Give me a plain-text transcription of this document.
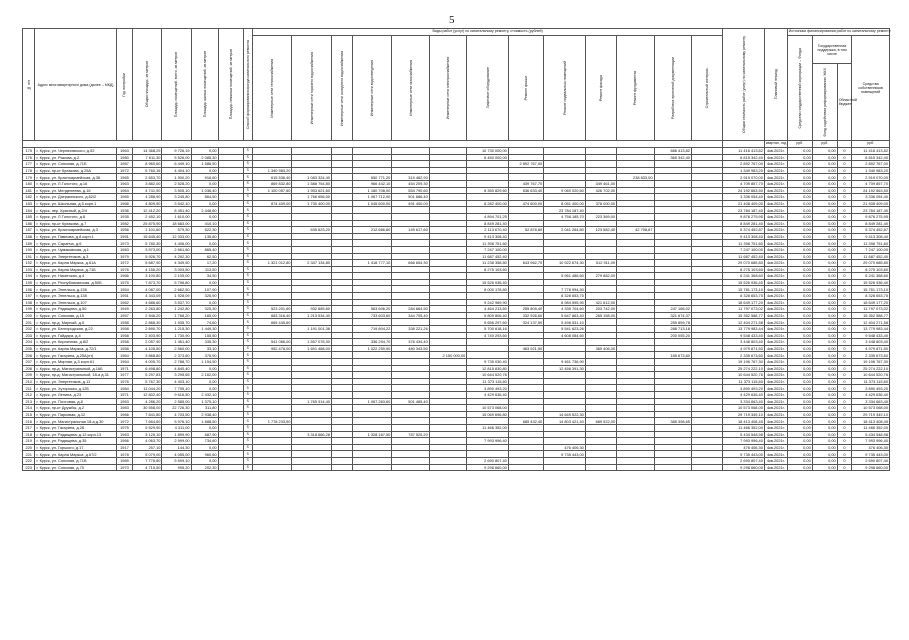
5
№ п/п	Адрес многоквартирного дома (далее – МКД)	Год постройки	Общая площадь, кв.метров	Площадь помещений, всего, кв.метров	Площадь жилых помещений, кв.метров	Площадь нежилых помещений, кв.метров	Способ формирования фонда капитального ремонта	Виды работ (услуг) по капитальному ремонту, стоимость (рублей)													Общая стоимость работ (услуг) по капитальному ремонту	Плановый период	Источники финансирования работ по капитальному ремонту			

								Инженерные сети теплоснабжения	Инженерные сети горячего водоснабжения	Инженерные сети холодного водоснабжения	Инженерные сети водоотведения	Инженерные сети газоснабжения	Инженерные сети электроснабжения	Лифтовое оборудование	Ремонт крыши	Ремонт подвальных помещений	Ремонт фасада	Ремонт фундамента	Разработка проектной документации	Строительный контроль			Средства государственной корпорации – Фонда	Государственная поддержка, в том числе		Средства собственников помещений

																								Фонд содействия реформированию ЖКХ	Областной бюджет	
																						квартал, год	руб.	руб.		руб.
175	г. Курск, ул. Черняховского, д.52	1963	14 368,29	9 726,19	0,00		S							10 730 000,00					686 413,82		11 416 413,82	4кв.2021г.	0,00	0,00	0	11 416 413,82
176	г. Курск, ул. Рыкова, д.2	1980	7 611,30	5 526,00	2 085,30		S							6 450 000,00					365 342,40		6 815 342,40	4кв.2021г.	0,00	0,00	0	6 815 342,40
177	г. Курск, ул. Союзная, д.71Б	1987	8 960,60	6 449,10	1 586,50		S								2 892 767,00						2 892 767,00	4кв.2021г.	0,00	0,00	0	2 892 767,00
178	г. Курск, пр-кт Кулакова, д.25А	1972	5 760,16	4 404,10	0,00		S	1 340 983,20													1 340 983,20	4кв.2021г.	0,00	0,00	0	1 340 983,20
179	г. Курск, ул. Красноармейская, д.38	1965	2 653,70	1 900,20	916,60		S	615 536,40	1 083 324,40		650 771,20	319 462,90						238 833,00			2 919 070,00	4кв.2021г.	0,00	0,00	0	2 919 070,00
180	г. Курск, ул. Л.Толстого, д.16	1963	3 882,00	2 528,20	0,00		S	869 832,80	1 588 754,80		966 442,10	454 209,30			439 767,70		349 461,00				4 709 857,70	4кв.2021г.	0,00	0,00	0	4 709 857,70
181	г. Курск, ул. Менделеева, д.16	1964	4 741,90	3 505,10	1 036,40		S	1 100 057,60	1 953 621,60		1 180 708,00	554 790,60		8 350 829,60	536 633,40	9 060 020,60	426 702,00				24 192 663,50	4кв.2021г.	0,00	0,00	0	24 192 663,50
182	г. Курск, ул. Дзержинского, д.62/2	1965	4 288,90	3 245,80	864,50		S		1 766 656,00		1 067 712,00	501 686,40									3 336 054,40	4кв.2021г.	0,00	0,00	0	3 336 054,40
183	г. Курск, ул. Школьная, д.5 корп.1	1966	4 809,90	3 542,10	0,00		S	874 409,00	1 730 400,00		1 045 600,00	491 400,00		8 282 400,00	474 600,00	8 051 400,00	378 000,00				21 408 409,00	4кв.2021г.	0,00	0,00	0	21 408 409,00
184	г. Курск, пер. Красный, д.2/4	1936	12 412,20	8 451,40	2 448,60		S									23 784 187,40					23 784 187,40	4кв.2021г.	0,00	0,00	0	23 784 187,40
185	г. Курск, ул. Л.Толстого, д.8	1935	2 452,10	1 610,00	0,00		S							4 894 701,25		4 758 185,70	223 369,00				9 876 275,95	4кв.2021г.	0,00	0,00	0	9 876 275,95
186	г. Курск, пр-кт Кулакова, д.7	1982	25 875,90	18 683,00	410,10		S							8 849 281,40							8 849 281,40	4кв.2021г.	0,00	0,00	0	8 849 281,40
187	г. Курск, ул. Красноармейская, д.3	1956	1 101,60	579,30	522,30		S		635 623,20		212 666,80	149 617,60		2 113 670,40	52 878,80	2 041 264,80	123 582,40	42 708,87			5 374 452,87	4кв.2021г.	0,00	0,00	0	5 374 452,87
188	г. Курск, ул. Павлова, д.8 корп.1	1991	15 645,40	12 333,00	135,80		S							9 413 308,40							9 413 308,40	4кв.2021г.	0,00	0,00	0	9 413 308,40
189	г. Курск, ул. Саранча, д.6	1973	5 780,30	4 406,00	0,00		S							11 398 751,60							11 398 751,60	4кв.2021г.	0,00	0,00	0	11 398 751,60
190	г. Курск, ул. Чумаковская, д.1	1983	3 573,00	2 661,60	865,40		S							7 247 100,00							7 247 100,00	4кв.2021г.	0,00	0,00	0	7 247 100,00
191	г. Курск, ул. Энергетиков, д.3	1979	5 926,70	4 292,30	62,50		S							11 687 452,40							11 687 452,40	4кв.2021г.	0,00	0,00	0	11 687 452,40
192	г. Курск, ул. Карла Маркса, д.61А	1972	5 687,90	4 349,50	17,20		S	1 321 012,80	2 347 134,80		1 418 777,10	666 654,30		11 238 358,80	643 962,70	10 922 674,30	512 911,09				29 070 685,80	4кв.2021г.	0,00	0,00	0	29 070 685,80
193	г. Курск, ул. Карла Маркса, д.71Б	1976	4 156,20	3 093,50	113,50		S							8 275 103,60							8 275 103,60	4кв.2021г.	0,00	0,00	0	8 275 103,60
194	г. Курск, ул. Никитская, д.4	1966	3 100,80	2 105,00	34,50		S									5 961 486,60	279 882,00				6 241 368,60	4кв.2021г.	0,00	0,00	0	6 241 368,60
195	г. Курск, ул. Республиканская, д.50Б	1975	7 873,70	5 796,80	0,00		S							15 526 936,40							15 526 936,40	4кв.2021г.	0,00	0,00	0	15 526 936,40
196	г. Курск, ул. Энгельса, д.136	1954	4 087,00	2 662,50	107,90		S							8 000 178,80		7 778 994,30					15 781 173,10	4кв.2021г.	0,00	0,00	0	15 781 173,10
197	г. Курск, ул. Энгельса, д.138	1951	4 343,09	1 928,09	326,90		S									8 328 653,75					8 328 653,75	4кв.2021г.	0,00	0,00	0	8 328 653,75
198	г. Курск, ул. Энгельса, д.107	1962	4 686,60	3 537,70	0,00		S							9 242 969,90		8 984 595,90	421 612,00				18 649 177,20	4кв.2021г.	0,00	0,00	0	18 649 177,20
199	г. Курск, ул. Радищева, д.50	1949	2 263,80	1 242,80	325,30		S	523 201,60	932 685,60		563 606,20	284 664,90		4 464 213,60	255 809,40	4 339 704,60	203 742,00		247 166,02		11 797 073,02	4кв.2021г.	0,00	0,00	0	11 797 073,02
200	г. Курск, ул. Союзная, д.15	1957	2 946,20	1 768,20	165,00		S	683 316,40	1 213 534,40		733 603,60	344 705,40		5 809 806,40	332 926,60	5 647 863,40	265 158,00		321 674,37		15 352 588,77	4кв.2021г.	0,00	0,00	0	15 352 588,77
201	г. Курск, пр-д. Мирный, д.5	1958	2 868,30	1 935,70	74,60		S	665 445,60						5 656 297,60	324 137,50	5 498 531,10			259 859,78		12 404 271,58	4кв.2021г.	0,00	0,00	0	12 404 271,58
202	г. Курск, ул. Белгородская, д.22	1958	2 890,70	1 215,30	1 449,30		S		1 191 001,36		719 804,22	338 221,26		5 700 618,16		5 541 623,26			288 713,18		13 779 983,44	4кв.2021г.	0,00	0,00	0	13 779 983,44
203	г. Курск, ул. Гайдара, д.4	1958	2 403,90	1 730,90	155,50		S							4 740 293,60		4 608 084,60			200 055,20		9 548 433,40	4кв.2021г.	0,00	0,00	0	9 548 433,40
204	г. Курск, ул. Кирпичная, д.8/2	1958	2 057,90	1 461,40	335,30		S	541 066,00	1 557 078,30		336 294,70	376 434,40									3 448 803,40	4кв.2021г.	0,00	0,00	0	3 448 803,40
205	г. Курск, ул. Карла Маркса, д.72/1	1958	4 105,50	2 560,00	33,10		S	952 476,00	1 691 468,00		1 022 259,50	480 343,50			463 921,50		369 406,00				4 979 871,50	4кв.2021г.	0,00	0,00	0	4 979 871,50
206	г. Курск, ул. Гагарина, д.25А(лт)	1964	3 868,80	2 373,60	376,90		S						2 150 000,00						185 673,60		2 335 673,60	4кв.2021г.	0,00	0,00	0	2 335 673,60
207	г. Курск, ул. Мирная, д.3 корп.61	1964	4 005,70	2 788,70	1 154,50		S							9 735 030,40		9 461 736,90					19 196 767,30	4кв.2021г.	0,00	0,00	0	19 196 767,30
208	г. Курск, пр-д. Магистральный, д.16Б	1971	6 498,80	4 840,40	0,00		S							12 815 830,80		12 458 391,30					25 274 222,10	4кв.2021г.	0,00	0,00	0	25 274 222,10
209	г. Курск, пр-д. Магистральный, 18-а д.31	1977	5 297,83	3 295,65	2 162,00		S							10 644 520,76							10 644 520,76	4кв.2021г.	0,00	0,00	0	10 644 520,76
210	г. Курск, ул. Энергетиков, д.11	1976	5 767,30	4 403,10	0,00		S							11 373 115,60							11 373 115,60	4кв.2021г.	0,00	0,00	0	11 373 115,60
211	г. Курск, ул. Хуторская, д.12Б	1984	11 044,20	7 795,10	0,00		S							3 890 493,20							3 890 493,20	4кв.2021г.	0,00	0,00	0	3 890 493,20
212	г. Курск, ул. Ленина, д.23	1971	12 802,40	9 616,50	2 432,10		S							4 429 636,40							4 429 636,40	4кв.2021г.	0,00	0,00	0	4 429 636,40
213	г. Курск, ул. Почтовая, д.8	1963	4 286,20	2 585,00	1 375,10		S		1 765 914,40		1 067 263,60	501 485,40									3 334 663,40	4кв.2021г.	0,00	0,00	0	3 334 663,40
214	г. Курск, пр-кт Дружбы, д.2	1983	30 558,00	22 726,30	311,80		S							10 573 068,00							10 573 068,00	4кв.2021г.	0,00	0,00	0	10 573 068,00
215	г. Курск, ул. Парковая, д.12	1966	7 641,80	4 703,50	2 938,40		S							15 069 696,80		14 649 522,30					29 719 349,10	4кв.2021г.	0,00	0,00	0	29 719 349,10
216	г. Курск, ул. Магистральная 18-а д.30	1972	7 664,60	5 976,10	1 688,50		S	1 778 233,90							685 432,40	14 803 421,40	689 922,00		385 398,65		18 413 408,45	4кв.2021г.	0,00	0,00	0	18 413 408,45
217	г. Курск, ул. Гагарина, д.28	1975	5 529,90	4 311,00	0,00		S							11 466 352,00							11 466 352,00	4кв.2021г.	0,00	0,00	0	11 466 352,00
218	г. Курск, ул. Радищева, д.12 корп.13	1963	3 125,10	1 899,90	687,90		S		3 318 666,28		1 328 167,50	787 525,20									5 434 548,98	4кв.2021г.	0,00	0,00	0	5 434 548,98
219	г. Курск, ул. Радищева, д.35	1966	4 063,70	2 999,00	734,60		S							7 993 996,40							7 993 996,40	4кв.2021г.	0,00	0,00	0	7 993 996,40
220	г. Курск, ул. Горького, д.17	1917	257,10	144,30	0,00		S									476 406,30					476 406,30	4кв.2021г.	0,00	0,00	0	476 406,30
221	г. Курск, ул. Карла Маркса, д.67/2	1978	5 079,00	4 055,00	960,60		S									9 735 443,00					9 735 443,00	4кв.2021г.	0,00	0,00	0	9 735 443,00
222	г. Курск, ул. Союзная, д.71В	1989	7 776,80	5 599,10	0,00		S							2 690 807,40							2 690 807,40	4кв.2021г.	0,00	0,00	0	2 690 807,40
223	г. Курск, ул. Союзная, д.75	1970	4 715,50	995,20	202,30		S							9 298 660,00							9 298 660,00	4кв.2021г.	0,00	0,00	0	9 298 660,00
